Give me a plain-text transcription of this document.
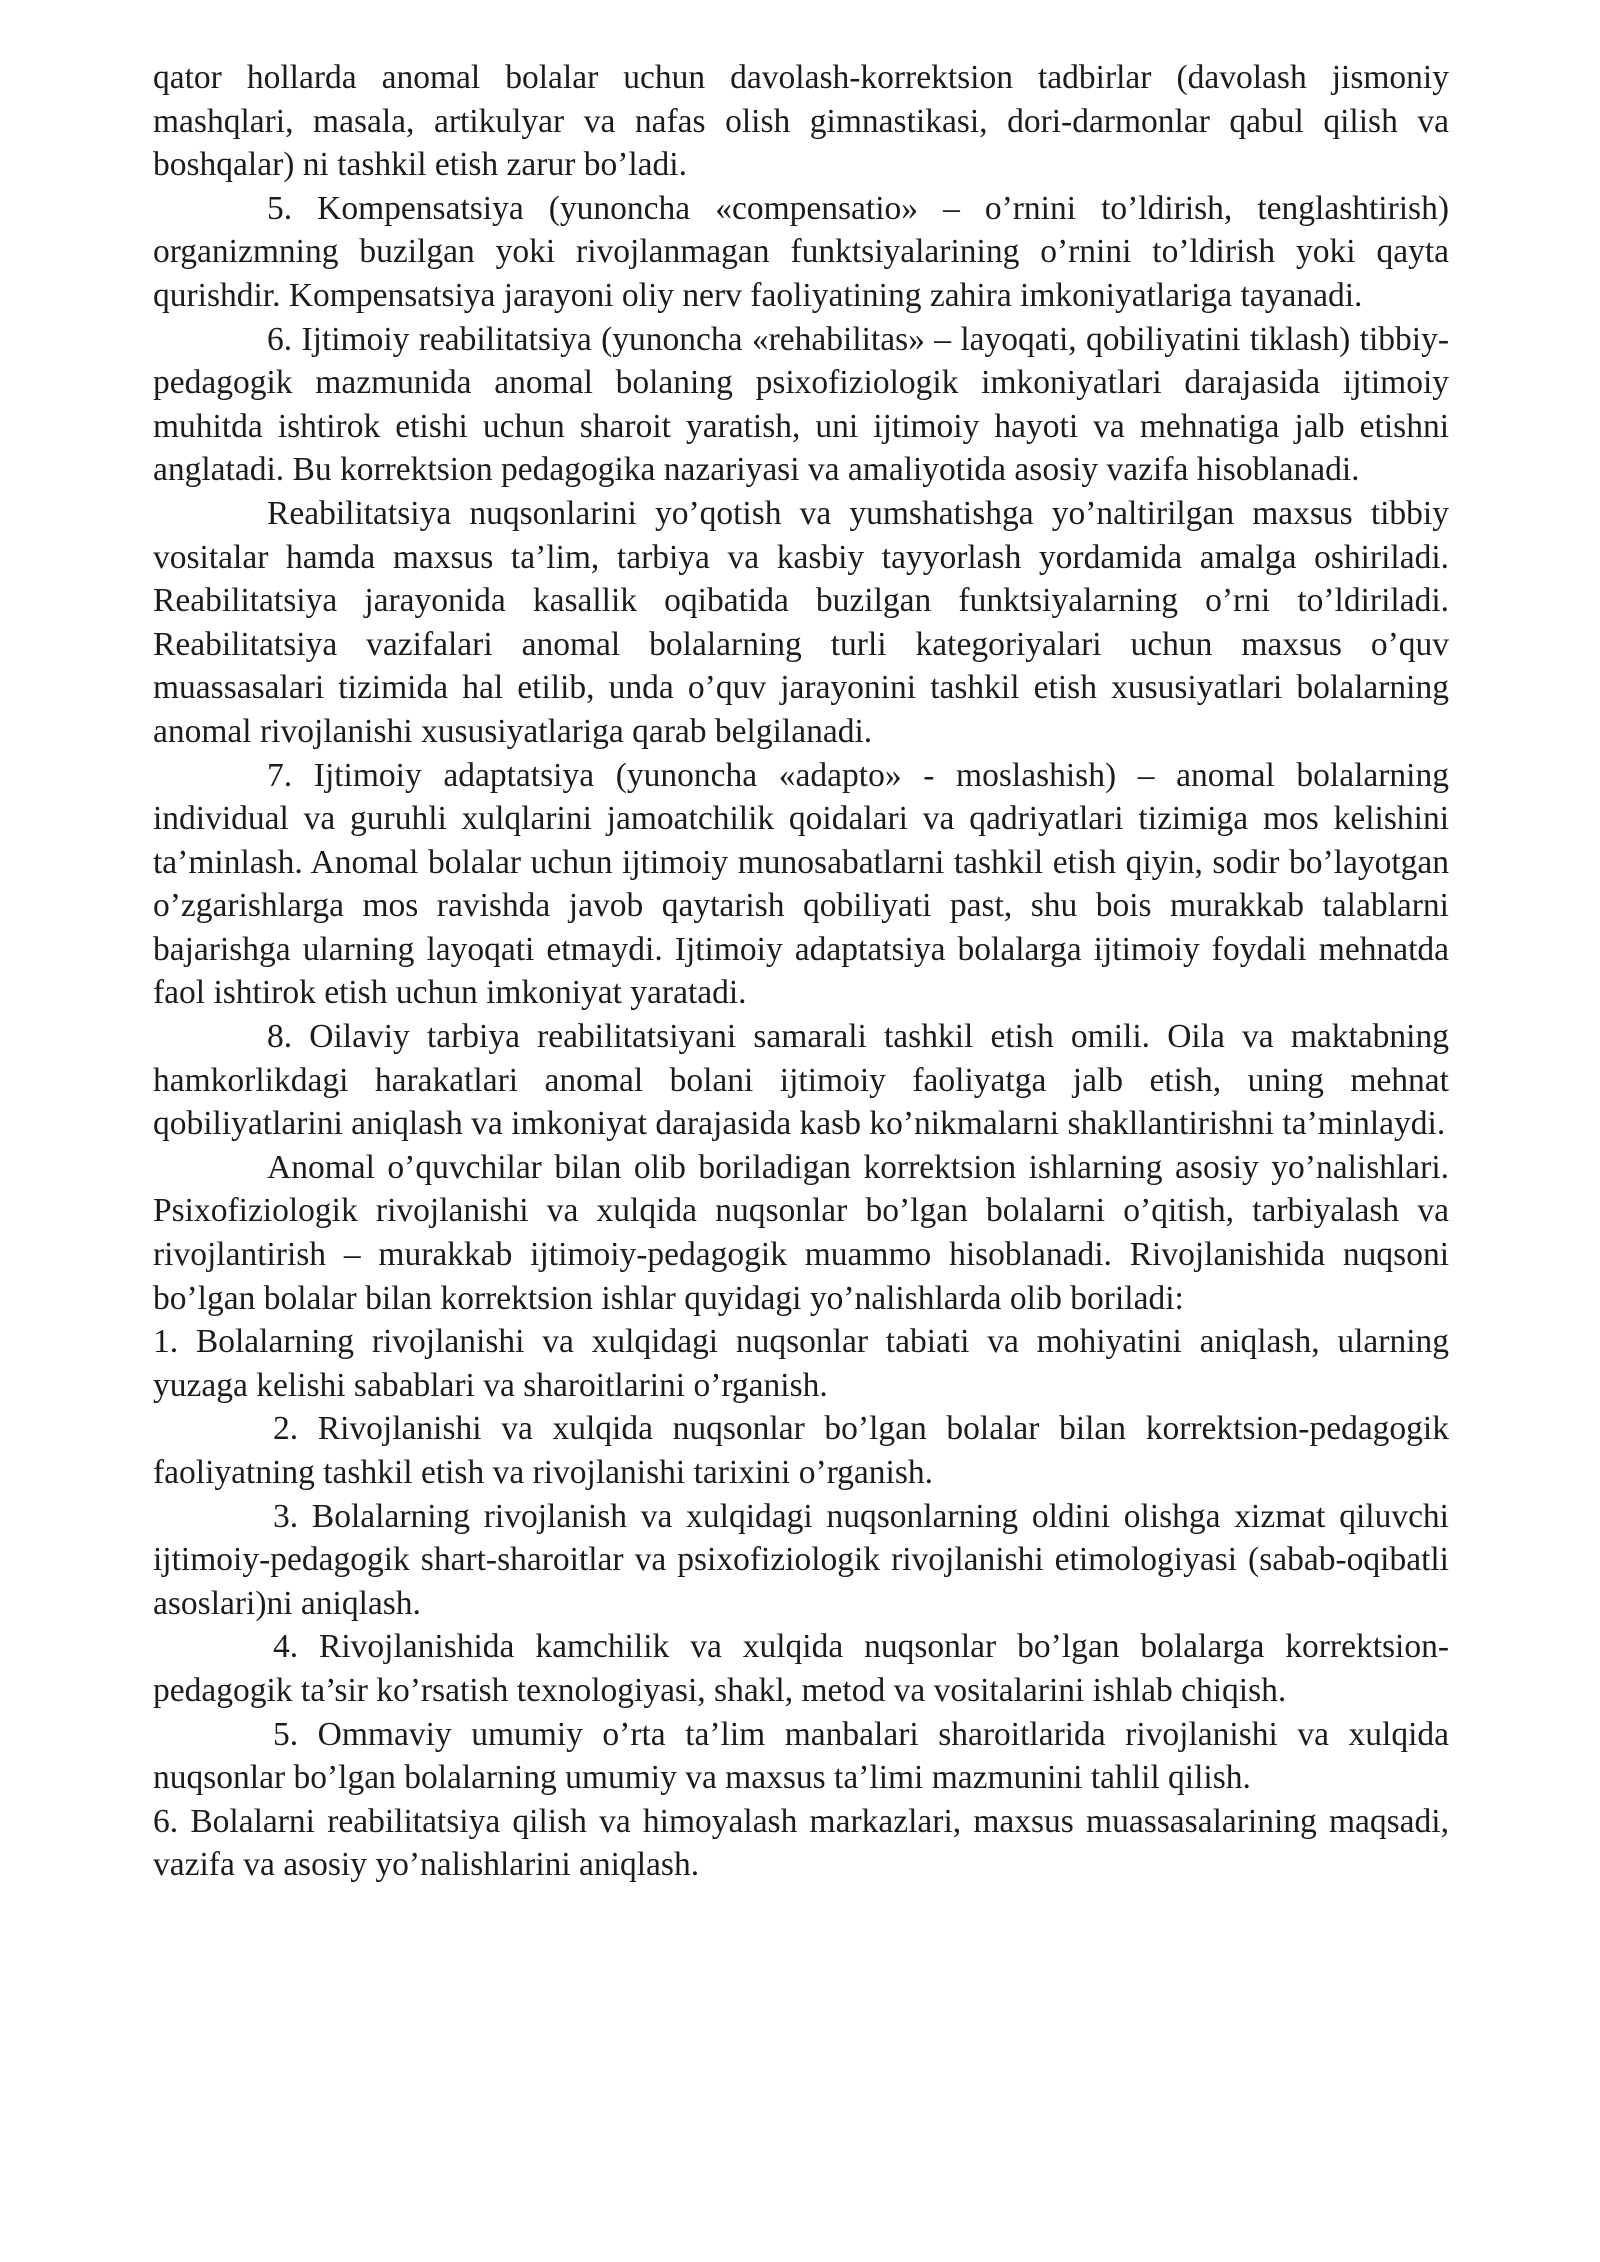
qator hollarda anomal bolalar uchun davolash-korrektsion tadbirlar (davolash jismoniy mashqlari, masala, artikulyar va nafas olish gimnastikasi, dori-darmonlar qabul qilish va boshqalar) ni tashkil etish zarur bo’ladi.

5. Kompensatsiya (yunoncha «compensatio» – o’rnini to’ldirish, tenglashtirish) organizmning buzilgan yoki rivojlanmagan funktsiyalarining o’rnini to’ldirish yoki qayta qurishdir. Kompensatsiya jarayoni oliy nerv faoliyatining zahira imkoniyatlariga tayanadi.

6. Ijtimoiy reabilitatsiya (yunoncha «rehabilitas» – layoqati, qobiliyatini tiklash) tibbiy-pedagogik mazmunida anomal bolaning psixofiziologik imkoniyatlari darajasida ijtimoiy muhitda ishtirok etishi uchun sharoit yaratish, uni ijtimoiy hayoti va mehnatiga jalb etishni anglatadi. Bu korrektsion pedagogika nazariyasi va amaliyotida asosiy vazifa hisoblanadi.

Reabilitatsiya nuqsonlarini yo’qotish va yumshatishga yo’naltirilgan maxsus tibbiy vositalar hamda maxsus ta’lim, tarbiya va kasbiy tayyorlash yordamida amalga oshiriladi. Reabilitatsiya jarayonida kasallik oqibatida buzilgan funktsiyalarning o’rni to’ldiriladi. Reabilitatsiya vazifalari anomal bolalarning turli kategoriyalari uchun maxsus o’quv muassasalari tizimida hal etilib, unda o’quv jarayonini tashkil etish xususiyatlari bolalarning anomal rivojlanishi xususiyatlariga qarab belgilanadi.

7. Ijtimoiy adaptatsiya (yunoncha «adapto» - moslashish) – anomal bolalarning individual va guruhli xulqlarini jamoatchilik qoidalari va qadriyatlari tizimiga mos kelishini ta’minlash. Anomal bolalar uchun ijtimoiy munosabatlarni tashkil etish qiyin, sodir bo’layotgan o’zgarishlarga mos ravishda javob qaytarish qobiliyati past, shu bois murakkab talablarni bajarishga ularning layoqati etmaydi. Ijtimoiy adaptatsiya bolalarga ijtimoiy foydali mehnatda faol ishtirok etish uchun imkoniyat yaratadi.

8. Oilaviy tarbiya reabilitatsiyani samarali tashkil etish omili. Oila va maktabning hamkorlikdagi harakatlari anomal bolani ijtimoiy faoliyatga jalb etish, uning mehnat qobiliyatlarini aniqlash va imkoniyat darajasida kasb ko’nikmalarni shakllantirishni ta’minlaydi.

Anomal o’quvchilar bilan olib boriladigan korrektsion ishlarning asosiy yo’nalishlari. Psixofiziologik rivojlanishi va xulqida nuqsonlar bo’lgan bolalarni o’qitish, tarbiyalash va rivojlantirish – murakkab ijtimoiy-pedagogik muammo hisoblanadi. Rivojlanishida nuqsoni bo’lgan bolalar bilan korrektsion ishlar quyidagi yo’nalishlarda olib boriladi:

1. Bolalarning rivojlanishi va xulqidagi nuqsonlar tabiati va mohiyatini aniqlash, ularning yuzaga kelishi sabablari va sharoitlarini o’rganish.

2. Rivojlanishi va xulqida nuqsonlar bo’lgan bolalar bilan korrektsion-pedagogik faoliyatning tashkil etish va rivojlanishi tarixini o’rganish.

3. Bolalarning rivojlanish va xulqidagi nuqsonlarning oldini olishga xizmat qiluvchi ijtimoiy-pedagogik shart-sharoitlar va psixofiziologik rivojlanishi etimologiyasi (sabab-oqibatli asoslari)ni aniqlash.

4. Rivojlanishida kamchilik va xulqida nuqsonlar bo’lgan bolalarga korrektsion-pedagogik ta’sir ko’rsatish texnologiyasi, shakl, metod va vositalarini ishlab chiqish.

5. Ommaviy umumiy o’rta ta’lim manbalari sharoitlarida rivojlanishi va xulqida nuqsonlar bo’lgan bolalarning umumiy va maxsus ta’limi mazmunini tahlil qilish.

6. Bolalarni reabilitatsiya qilish va himoyalash markazlari, maxsus muassasalarining maqsadi, vazifa va asosiy yo’nalishlarini aniqlash.
